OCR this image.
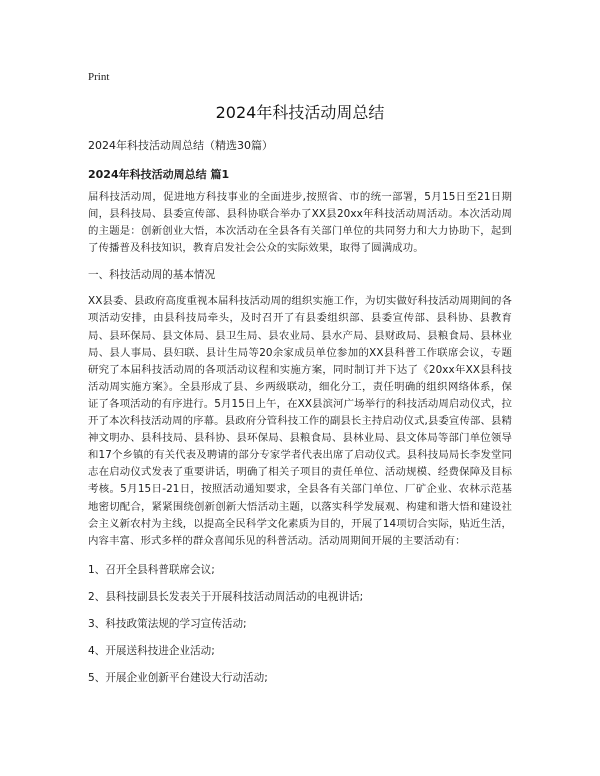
Print
2024年科技活动周总结
2024年科技活动周总结（精选30篇）
2024年科技活动周总结 篇1

届科技活动周，促进地方科技事业的全面进步,按照省、市的统一部署，5月15日至21日期间，县科技局、县委宣传部、县科协联合举办了XX县20xx年科技活动周活动。本次活动周的主题是：创新创业大悟，本次活动在全县各有关部门单位的共同努力和大力协助下，起到了传播普及科技知识，教育启发社会公众的实际效果，取得了圆满成功。

一、科技活动周的基本情况

XX县委、县政府高度重视本届科技活动周的组织实施工作，为切实做好科技活动周期间的各项活动安排，由县科技局牵头，及时召开了有县委组织部、县委宣传部、县科协、县教育局、县环保局、县文体局、县卫生局、县农业局、县水产局、县财政局、县粮食局、县林业局、县人事局、县妇联、县计生局等20余家成员单位参加的XX县科普工作联席会议，专题研究了本届科技活动周的各项活动议程和实施方案，同时制订并下达了《20xx年XX县科技活动周实施方案》。全县形成了县、乡两级联动，细化分工，责任明确的组织网络体系，保证了各项活动的有序进行。5月15日上午，在XX县滨河广场举行的科技活动周启动仪式，拉开了本次科技活动周的序幕。县政府分管科技工作的副县长主持启动仪式,县委宣传部、县精神文明办、县科技局、县科协、县环保局、县粮食局、县林业局、县文体局等部门单位领导和17个乡镇的有关代表及聘请的部分专家学者代表出席了启动仪式。县科技局局长李发堂同志在启动仪式发表了重要讲话，明确了相关子项目的责任单位、活动规模、经费保障及目标考核。5月15日-21日，按照活动通知要求，全县各有关部门单位、厂矿企业、农林示范基地密切配合，紧紧围绕创新创新大悟活动主题，以落实科学发展观、构建和谐大悟和建设社会主义新农村为主线，以提高全民科学文化素质为目的，开展了14项切合实际，贴近生活，内容丰富、形式多样的群众喜闻乐见的科普活动。活动周期间开展的主要活动有：

1、召开全县科普联席会议;
2、县科技副县长发表关于开展科技活动周活动的电视讲话;
3、科技政策法规的学习宣传活动;
4、开展送科技进企业活动;
5、开展企业创新平台建设大行动活动;
